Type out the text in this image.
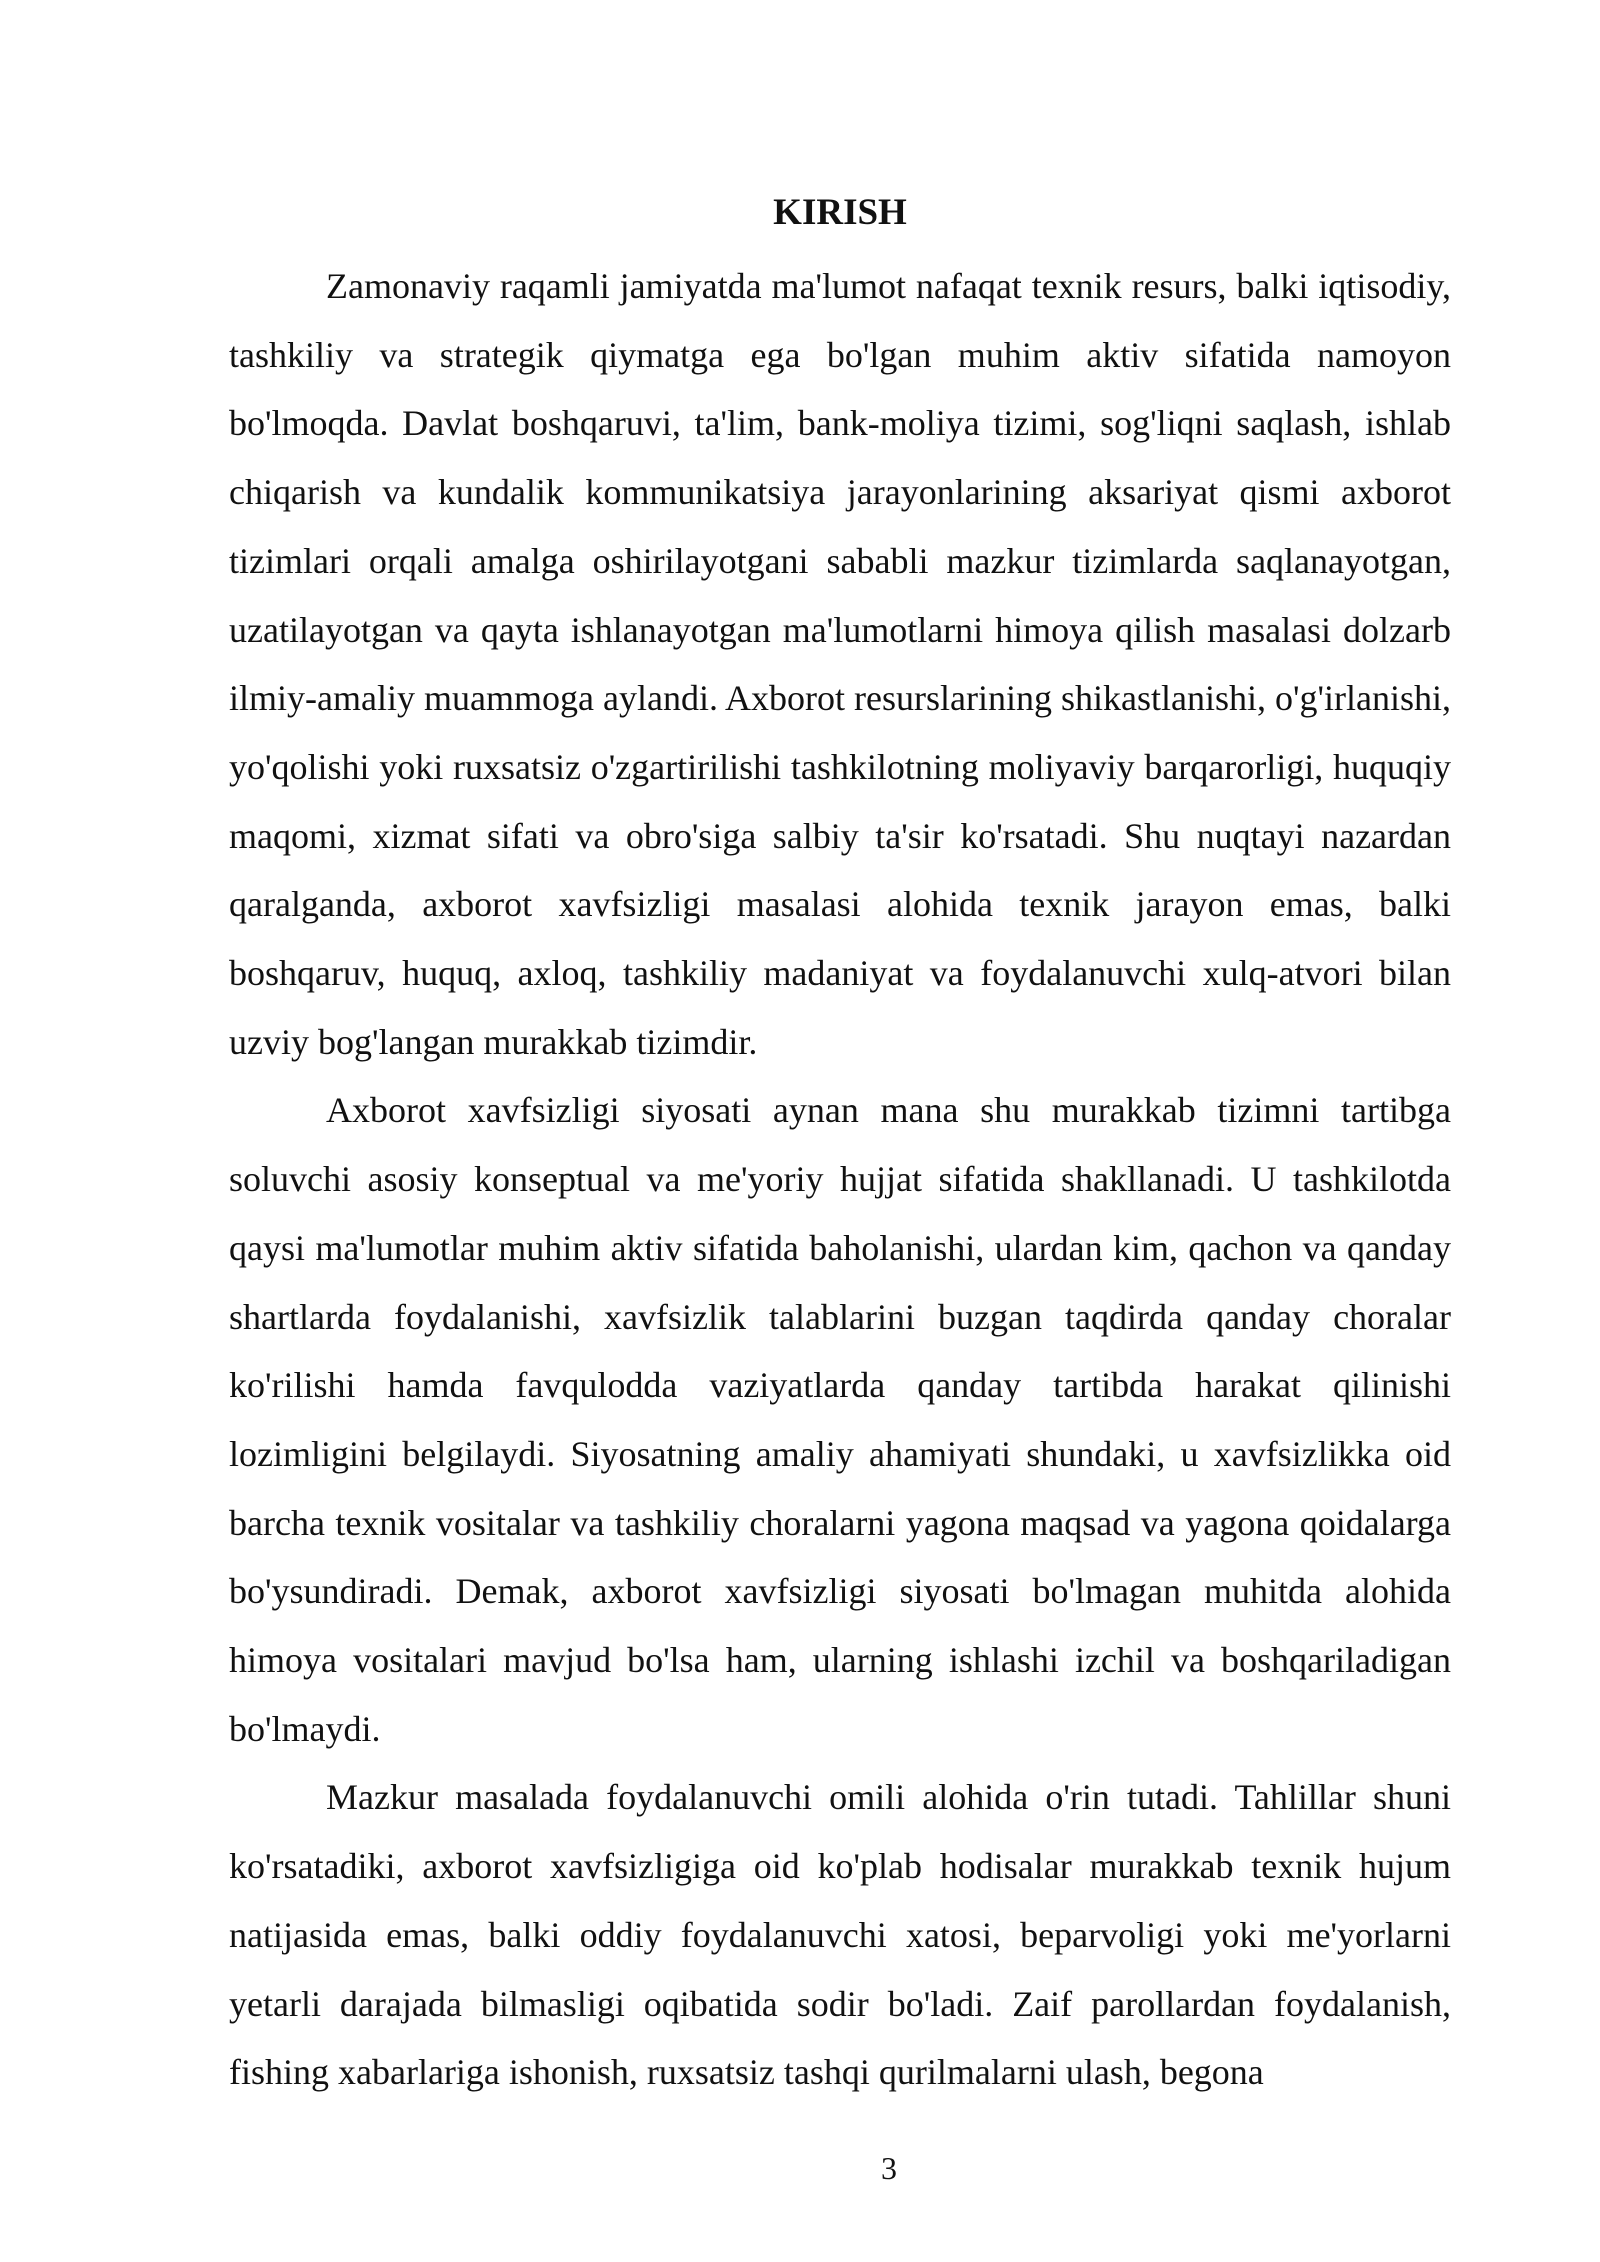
KIRISH

Zamonaviy raqamli jamiyatda ma'lumot nafaqat texnik resurs, balki iqtisodiy, tashkiliy va strategik qiymatga ega bo'lgan muhim aktiv sifatida namoyon bo'lmoqda. Davlat boshqaruvi, ta'lim, bank-moliya tizimi, sog'liqni saqlash, ishlab chiqarish va kundalik kommunikatsiya jarayonlarining aksariyat qismi axborot tizimlari orqali amalga oshirilayotgani sababli mazkur tizimlarda saqlanayotgan, uzatilayotgan va qayta ishlanayotgan ma'lumotlarni himoya qilish masalasi dolzarb ilmiy-amaliy muammoga aylandi. Axborot resurslarining shikastlanishi, o'g'irlanishi, yo'qolishi yoki ruxsatsiz o'zgartirilishi tashkilotning moliyaviy barqarorligi, huquqiy maqomi, xizmat sifati va obro'siga salbiy ta'sir ko'rsatadi. Shu nuqtayi nazardan qaralganda, axborot xavfsizligi masalasi alohida texnik jarayon emas, balki boshqaruv, huquq, axloq, tashkiliy madaniyat va foydalanuvchi xulq-atvori bilan uzviy bog'langan murakkab tizimdir.

Axborot xavfsizligi siyosati aynan mana shu murakkab tizimni tartibga soluvchi asosiy konseptual va me'yoriy hujjat sifatida shakllanadi. U tashkilotda qaysi ma'lumotlar muhim aktiv sifatida baholanishi, ulardan kim, qachon va qanday shartlarda foydalanishi, xavfsizlik talablarini buzgan taqdirda qanday choralar ko'rilishi hamda favqulodda vaziyatlarda qanday tartibda harakat qilinishi lozimligini belgilaydi. Siyosatning amaliy ahamiyati shundaki, u xavfsizlikka oid barcha texnik vositalar va tashkiliy choralarni yagona maqsad va yagona qoidalarga bo'ysundiradi. Demak, axborot xavfsizligi siyosati bo'lmagan muhitda alohida himoya vositalari mavjud bo'lsa ham, ularning ishlashi izchil va boshqariladigan bo'lmaydi.

Mazkur masalada foydalanuvchi omili alohida o'rin tutadi. Tahlillar shuni ko'rsatadiki, axborot xavfsizligiga oid ko'plab hodisalar murakkab texnik hujum natijasida emas, balki oddiy foydalanuvchi xatosi, beparvoligi yoki me'yorlarni yetarli darajada bilmasligi oqibatida sodir bo'ladi. Zaif parollardan foydalanish, fishing xabarlariga ishonish, ruxsatsiz tashqi qurilmalarni ulash, begona

3
